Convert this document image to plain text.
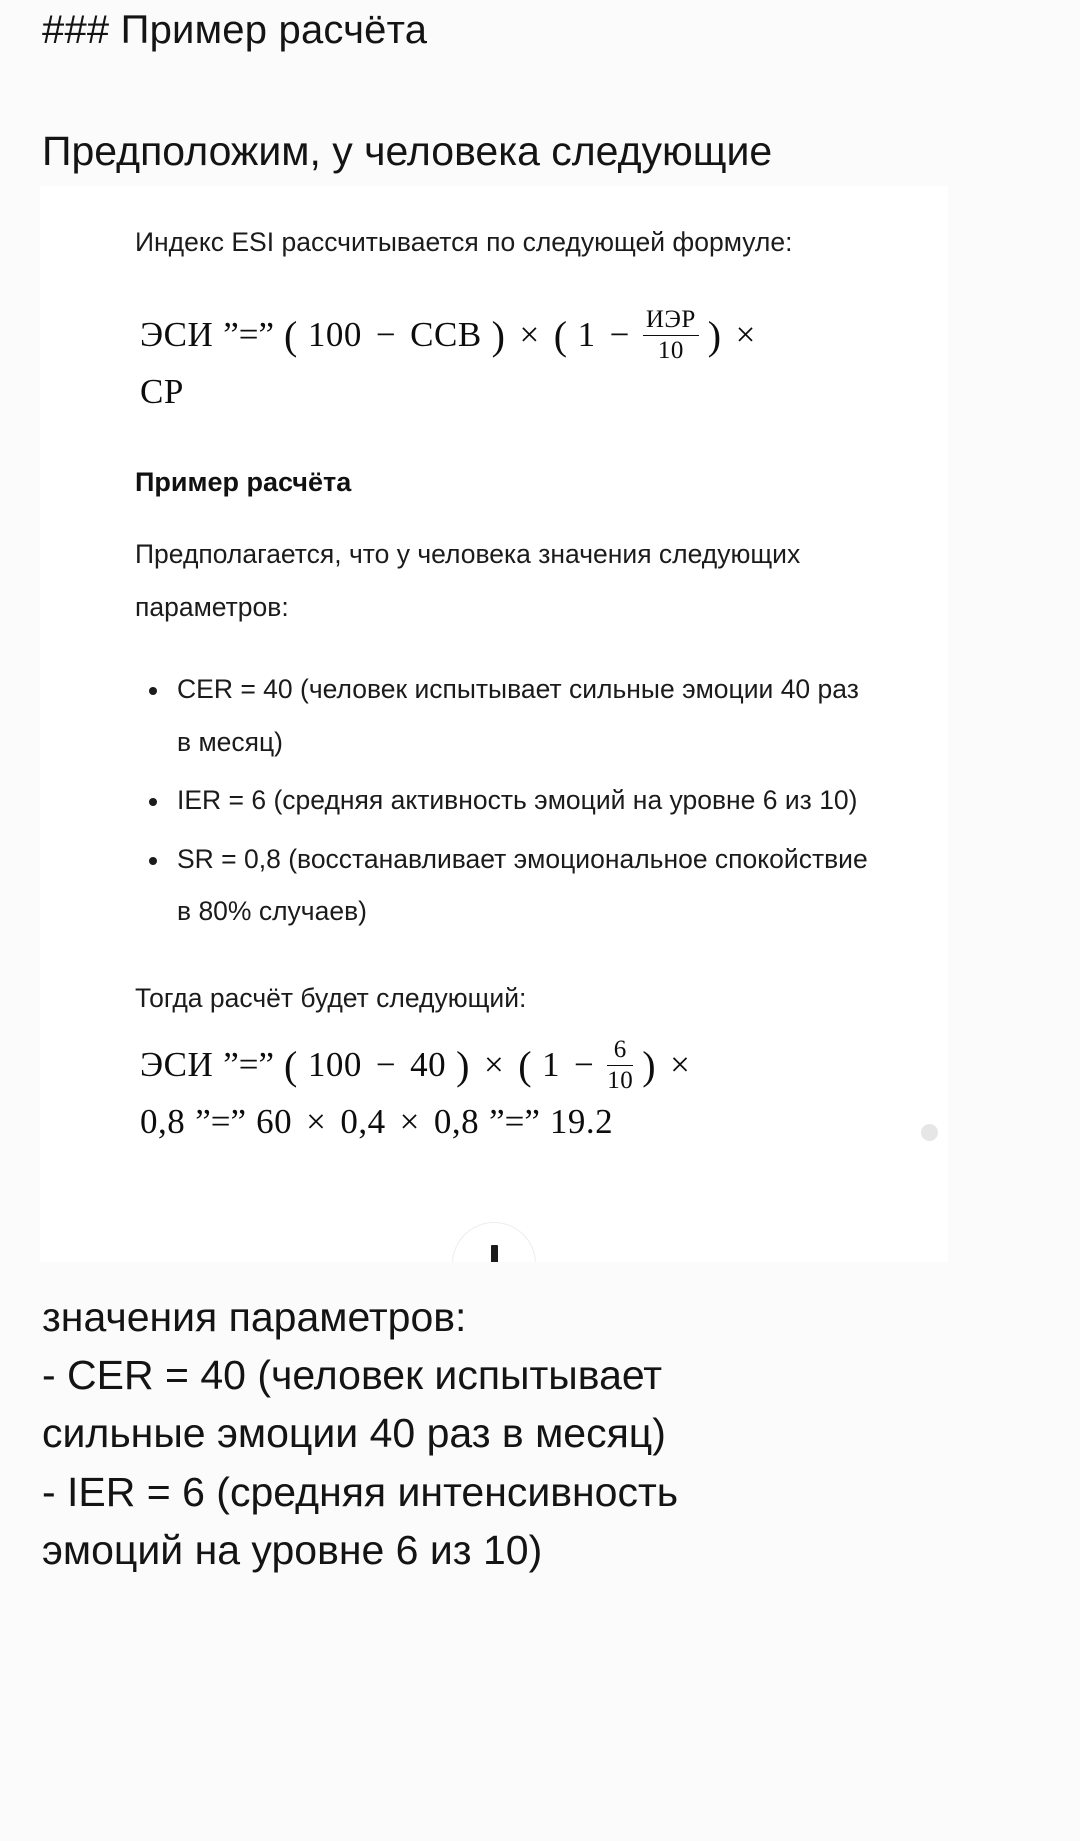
### Пример расчёта
Предположим, у человека следующие

Индекс ESI рассчитывается по следующей формуле:

ЭСИ ”=” ( 100 − ССВ ) × ( $1 - \frac{\text{ИЭР}}{10}$ ) ×
СР
Пример расчёта

Предполагается, что у человека значения следующих параметров:

CER = 40 (человек испытывает сильные эмоции 40 раз в месяц)
IER = 6 (средняя активность эмоций на уровне 6 из 10)
SR = 0,8 (восстанавливает эмоциональное спокойствие в 80% случаев)

Тогда расчёт будет следующий:

ЭСИ ”=” ( 100 − 40 ) × ( $1 - \frac{6}{10}$ ) ×
0,8 ”=” 60 × 0,4 × 0,8 ”=” 19.2
значения параметров:
- CER = 40 (человек испытывает
сильные эмоции 40 раз в месяц)
- IER = 6 (средняя интенсивность
эмоций на уровне 6 из 10)
